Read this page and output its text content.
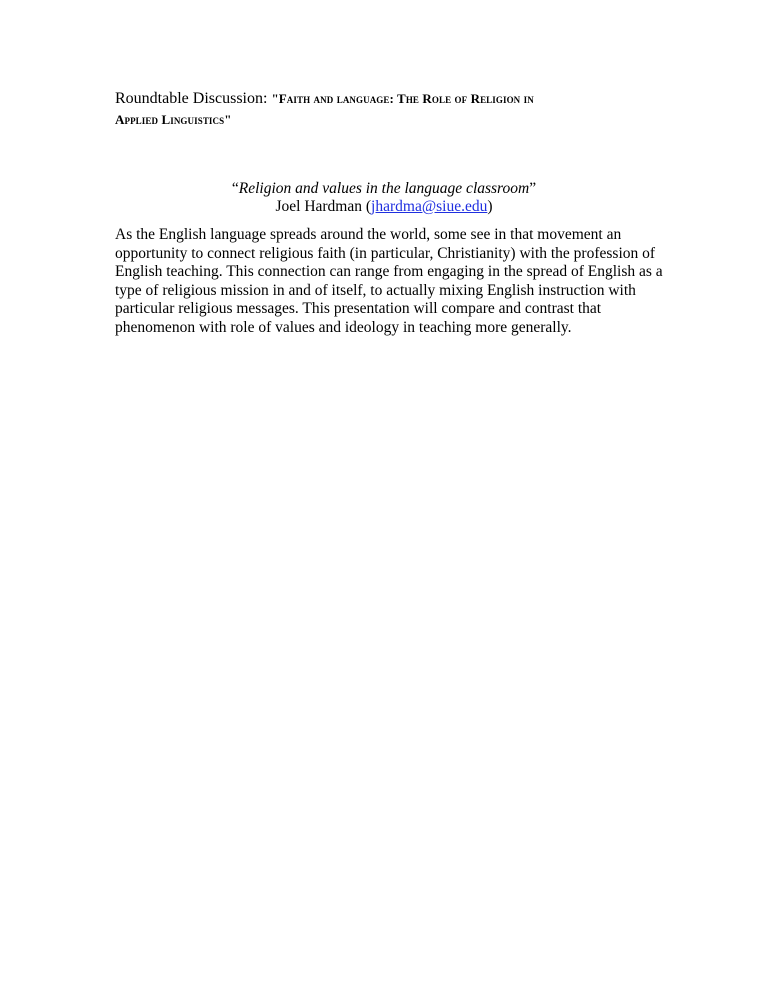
Roundtable Discussion: "Faith and language: The Role of Religion in
Applied Linguistics"
“Religion and values in the language classroom”
Joel Hardman (jhardma@siue.edu)
As the English language spreads around the world, some see in that movement an
opportunity to connect religious faith (in particular, Christianity) with the profession of
English teaching. This connection can range from engaging in the spread of English as a
type of religious mission in and of itself, to actually mixing English instruction with
particular religious messages. This presentation will compare and contrast that
phenomenon with role of values and ideology in teaching more generally.
